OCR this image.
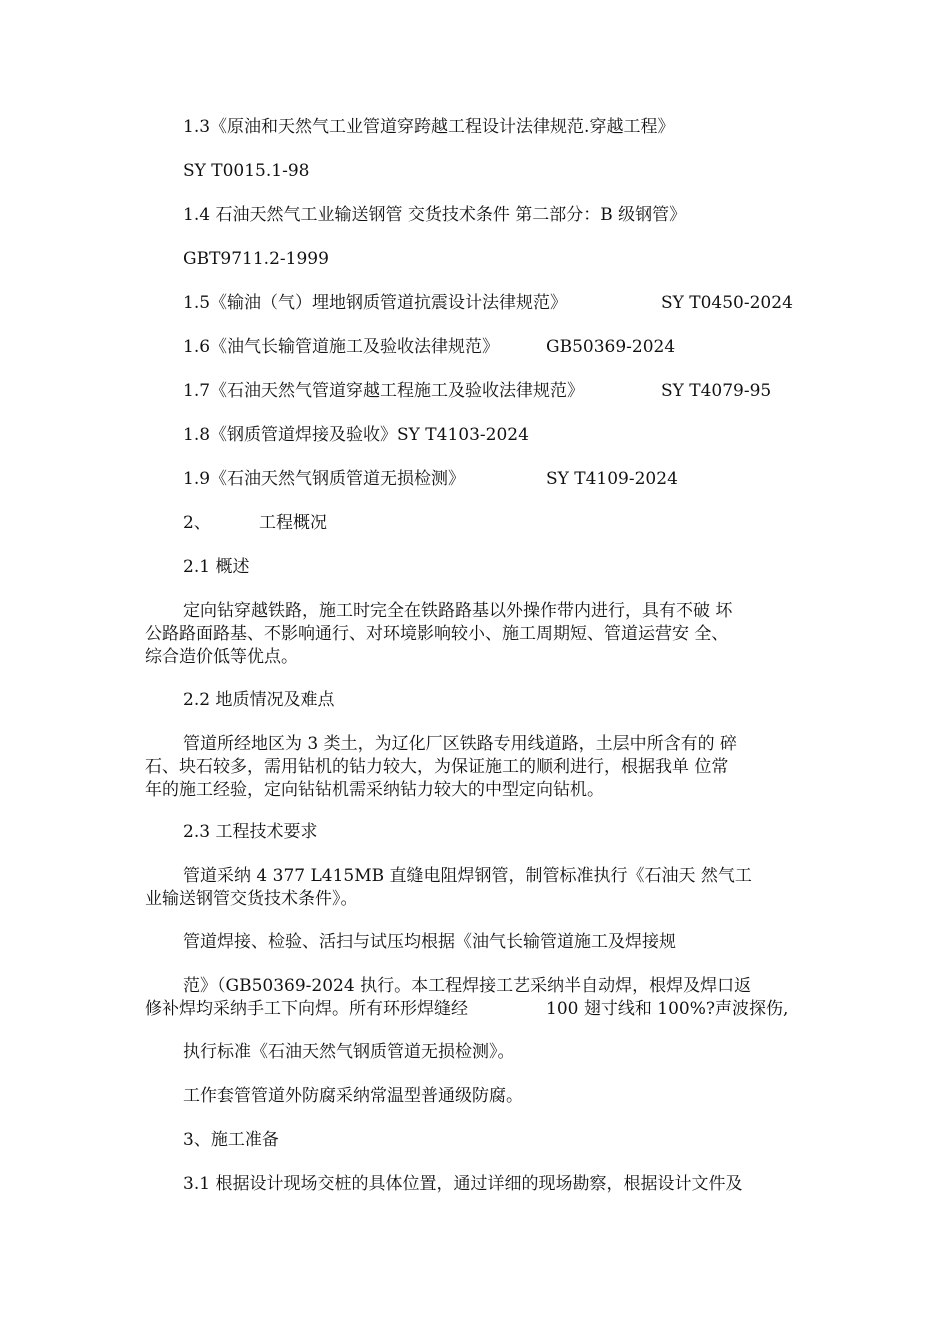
1.3《原油和天然气工业管道穿跨越工程设计法律规范.穿越工程》
SY T0015.1-98
1.4 石油天然气工业输送钢管 交货技术条件 第二部分：B 级钢管》
GBT9711.2-1999
1.5《输油（气）埋地钢质管道抗震设计法律规范》	SY T0450-2024
1.6《油气长输管道施工及验收法律规范》	GB50369-2024
1.7《石油天然气管道穿越工程施工及验收法律规范》	SY T4079-95
1.8《钢质管道焊接及验收》SY T4103-2024
1.9《石油天然气钢质管道无损检测》	SY T4109-2024
2、	工程概况
2.1 概述
定向钻穿越铁路，施工时完全在铁路路基以外操作带内进行，具有不破 坏
公路路面路基、不影响通行、对环境影响较小、施工周期短、管道运营安 全、
综合造价低等优点。
2.2 地质情况及难点
管道所经地区为 3 类土，为辽化厂区铁路专用线道路，土层中所含有的 碎
石、块石较多，需用钻机的钻力较大，为保证施工的顺利进行，根据我单 位常
年的施工经验，定向钻钻机需采纳钻力较大的中型定向钻机。
2.3 工程技术要求
管道采纳 4 377 L415MB 直缝电阻焊钢管，制管标准执行《石油天 然气工
业输送钢管交货技术条件》。
管道焊接、检验、活扫与试压均根据《油气长输管道施工及焊接规
范》（GB50369-2024 执行。本工程焊接工艺采纳半自动焊，根焊及焊口返
修补焊均采纳手工下向焊。所有环形焊缝经	100 翅寸线和 100%?声波探伤,
执行标准《石油天然气钢质管道无损检测》。
工作套管管道外防腐采纳常温型普通级防腐。
3、施工准备
3.1 根据设计现场交桩的具体位置，通过详细的现场勘察，根据设计文件及
